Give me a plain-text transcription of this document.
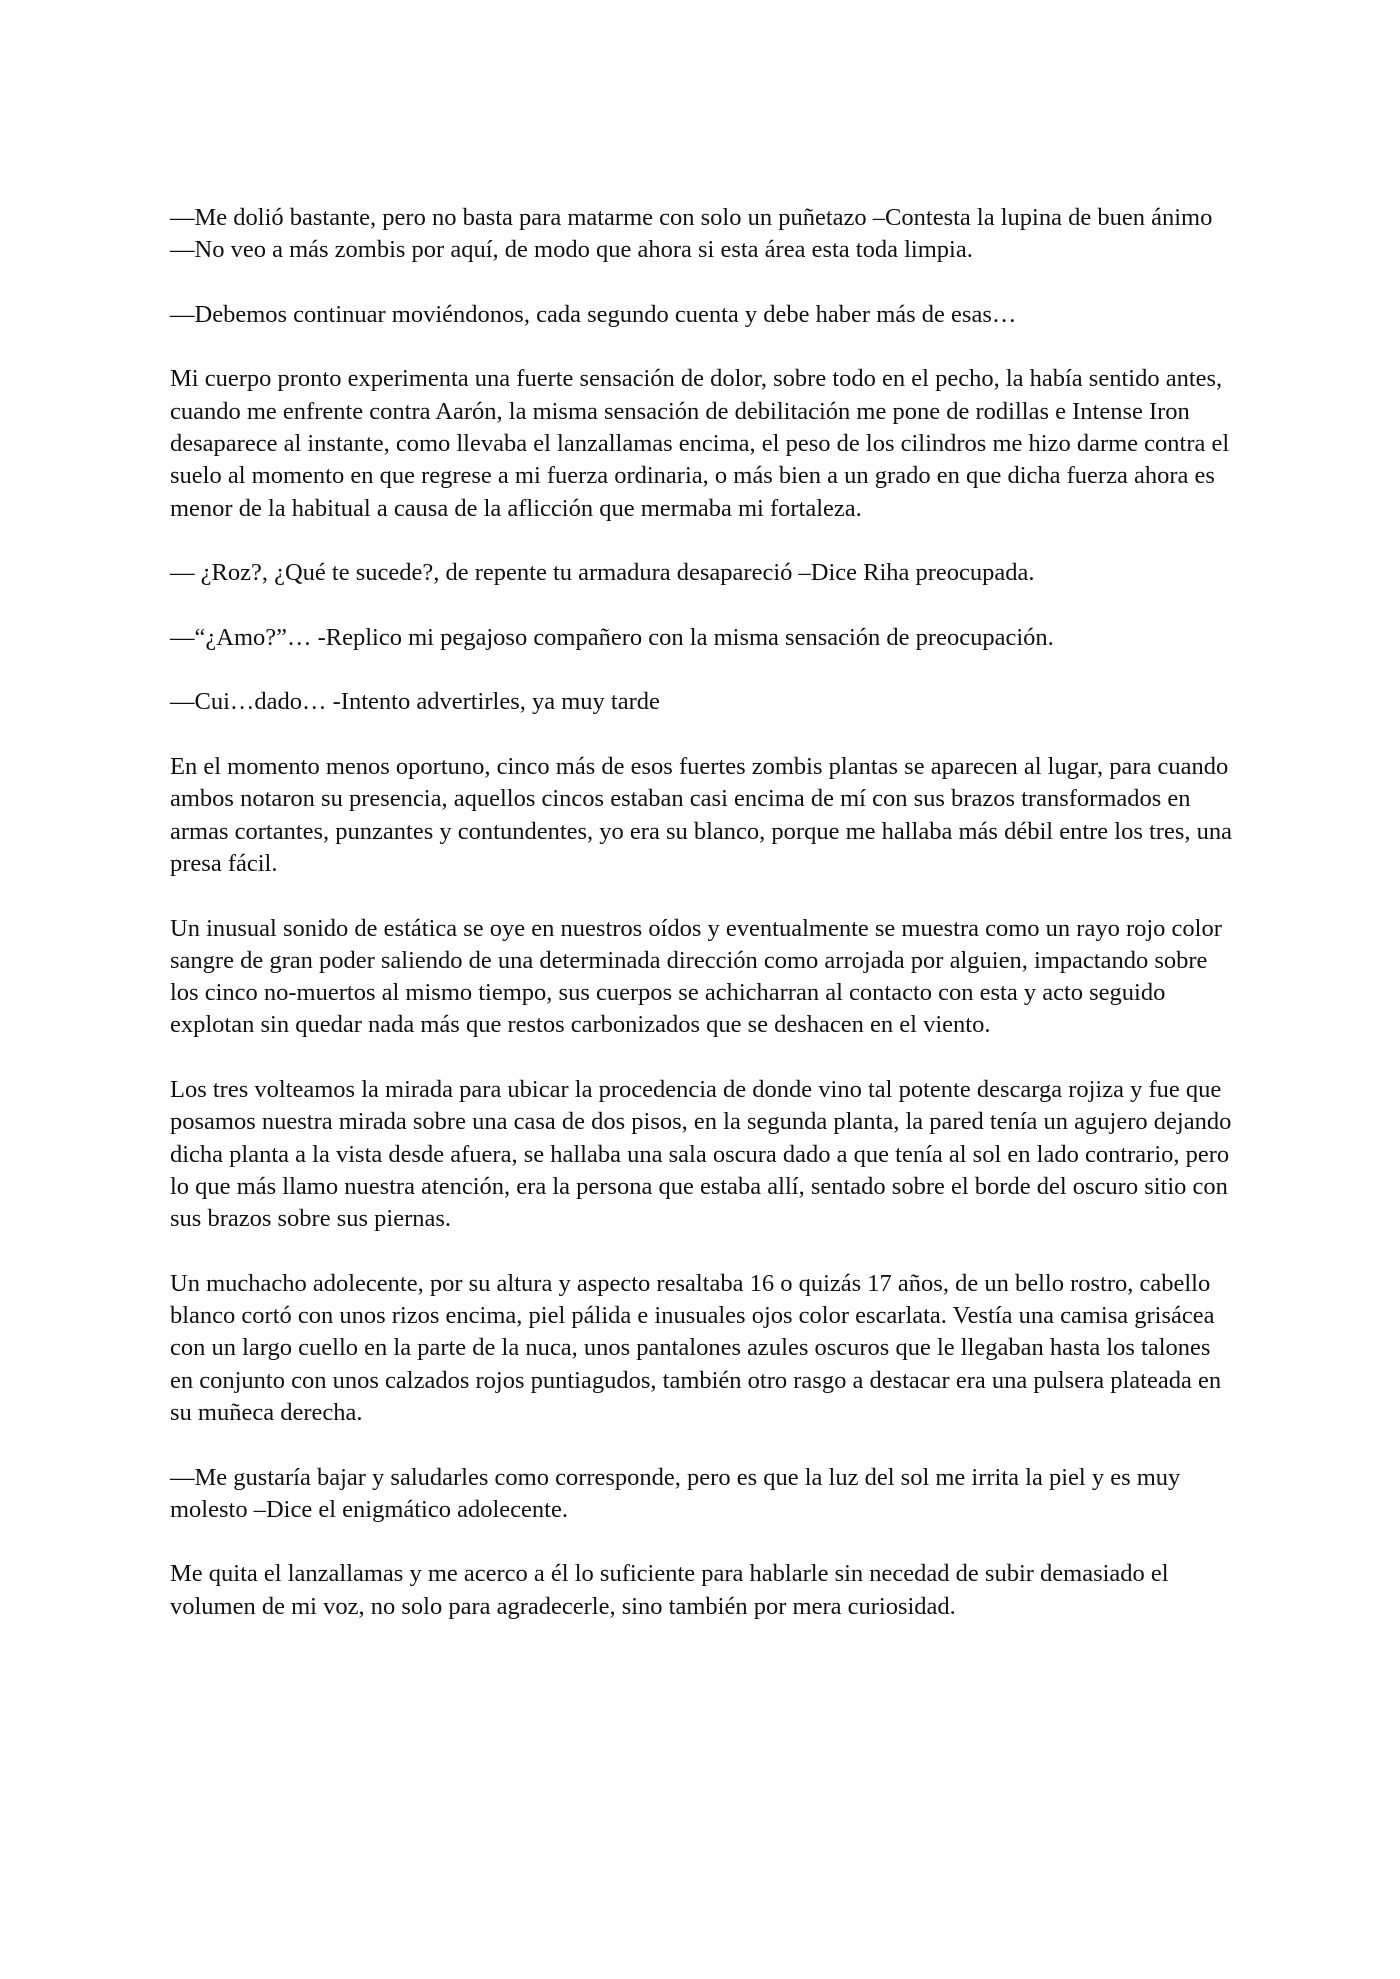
—Me dolió bastante, pero no basta para matarme con solo un puñetazo –Contesta la lupina de buen ánimo —No veo a más zombis por aquí, de modo que ahora si esta área esta toda limpia.

—Debemos continuar moviéndonos, cada segundo cuenta y debe haber más de esas…

Mi cuerpo pronto experimenta una fuerte sensación de dolor, sobre todo en el pecho, la había sentido antes, cuando me enfrente contra Aarón, la misma sensación de debilitación me pone de rodillas e Intense Iron desaparece al instante, como llevaba el lanzallamas encima, el peso de los cilindros me hizo darme contra el suelo al momento en que regrese a mi fuerza ordinaria, o más bien a un grado en que dicha fuerza ahora es menor de la habitual a causa de la aflicción que mermaba mi fortaleza.

— ¿Roz?, ¿Qué te sucede?, de repente tu armadura desapareció –Dice Riha preocupada.

—“¿Amo?”… -Replico mi pegajoso compañero con la misma sensación de preocupación.

—Cui…dado… -Intento advertirles, ya muy tarde

En el momento menos oportuno, cinco más de esos fuertes zombis plantas se aparecen al lugar, para cuando ambos notaron su presencia, aquellos cincos estaban casi encima de mí con sus brazos transformados en armas cortantes, punzantes y contundentes, yo era su blanco, porque me hallaba más débil entre los tres, una presa fácil.

Un inusual sonido de estática se oye en nuestros oídos y eventualmente se muestra como un rayo rojo color sangre de gran poder saliendo de una determinada dirección como arrojada por alguien, impactando sobre los cinco no-muertos al mismo tiempo, sus cuerpos se achicharran al contacto con esta y acto seguido explotan sin quedar nada más que restos carbonizados que se deshacen en el viento.

Los tres volteamos la mirada para ubicar la procedencia de donde vino tal potente descarga rojiza y fue que posamos nuestra mirada sobre una casa de dos pisos, en la segunda planta, la pared tenía un agujero dejando dicha planta a la vista desde afuera, se hallaba una sala oscura dado a que tenía al sol en lado contrario, pero lo que más llamo nuestra atención, era la persona que estaba allí, sentado sobre el borde del oscuro sitio con sus brazos sobre sus piernas.

Un muchacho adolecente, por su altura y aspecto resaltaba 16 o quizás 17 años, de un bello rostro, cabello blanco cortó con unos rizos encima, piel pálida e inusuales ojos color escarlata. Vestía una camisa grisácea con un largo cuello en la parte de la nuca, unos pantalones azules oscuros que le llegaban hasta los talones en conjunto con unos calzados rojos puntiagudos, también otro rasgo a destacar era una pulsera plateada en su muñeca derecha.

—Me gustaría bajar y saludarles como corresponde, pero es que la luz del sol me irrita la piel y es muy molesto –Dice el enigmático adolecente.

Me quita el lanzallamas y me acerco a él lo suficiente para hablarle sin necedad de subir demasiado el volumen de mi voz, no solo para agradecerle, sino también por mera curiosidad.
